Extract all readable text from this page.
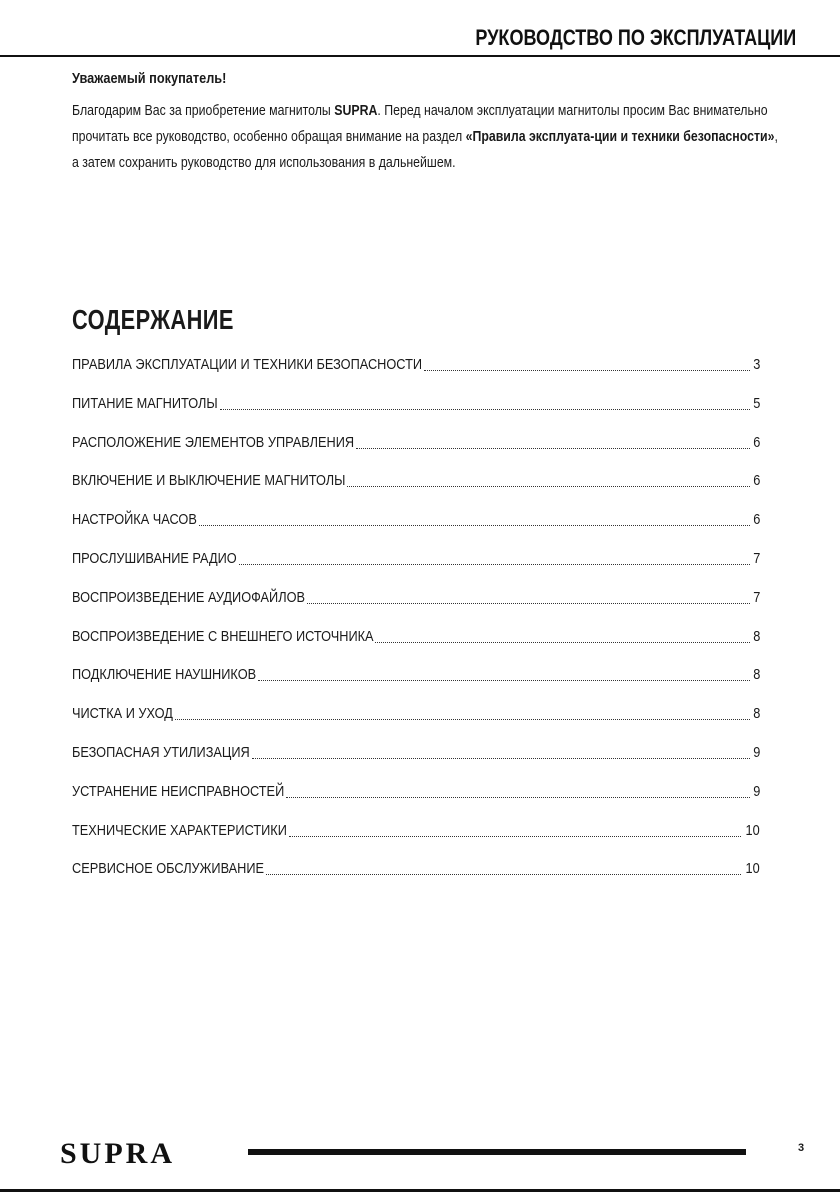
РУКОВОДСТВО ПО ЭКСПЛУАТАЦИИ
Уважаемый покупатель!
Благодарим Вас за приобретение магнитолы SUPRA. Перед началом эксплуатации магнитолы просим Вас внимательно прочитать все руководство, особенно обращая внимание на раздел «Правила эксплуата-ции и техники безопасности», а затем сохранить руководство для использования в дальнейшем.
СОДЕРЖАНИЕ
ПРАВИЛА ЭКСПЛУАТАЦИИ И ТЕХНИКИ БЕЗОПАСНОСТИ	3
ПИТАНИЕ МАГНИТОЛЫ	5
РАСПОЛОЖЕНИЕ ЭЛЕМЕНТОВ УПРАВЛЕНИЯ	6
ВКЛЮЧЕНИЕ И ВЫКЛЮЧЕНИЕ МАГНИТОЛЫ	6
НАСТРОЙКА ЧАСОВ	6
ПРОСЛУШИВАНИЕ РАДИО	7
ВОСПРОИЗВЕДЕНИЕ АУДИОФАЙЛОВ	7
ВОСПРОИЗВЕДЕНИЕ С ВНЕШНЕГО ИСТОЧНИКА	8
ПОДКЛЮЧЕНИЕ НАУШНИКОВ	8
ЧИСТКА И УХОД	8
БЕЗОПАСНАЯ УТИЛИЗАЦИЯ	9
УСТРАНЕНИЕ НЕИСПРАВНОСТЕЙ	9
ТЕХНИЧЕСКИЕ ХАРАКТЕРИСТИКИ	10
СЕРВИСНОЕ ОБСЛУЖИВАНИЕ	10
SUPRA	3
